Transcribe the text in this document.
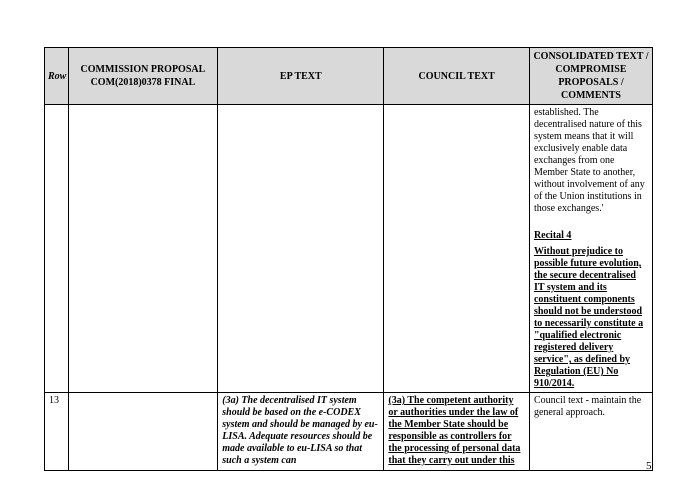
Row	COMMISSION PROPOSAL COM(2018)0378 FINAL	EP TEXT	COUNCIL TEXT	CONSOLIDATED TEXT / COMPROMISE PROPOSALS / COMMENTS

				established. The decentralised nature of this system means that it will exclusively enable data exchanges from one Member State to another, without involvement of any of the Union institutions in those exchanges.'

Recital 4

Without prejudice to possible future evolution, the secure decentralised IT system and its constituent components should not be understood to necessarily constitute a "qualified electronic registered delivery service", as defined by Regulation (EU) No 910/2014.

13		(3a) The decentralised IT system should be based on the e-CODEX system and should be managed by eu-LISA. Adequate resources should be made available to eu-LISA so that such a system can	(3a) The competent authority or authorities under the law of the Member State should be responsible as controllers for the processing of personal data that they carry out under this	Council text - maintain the general approach.
5
